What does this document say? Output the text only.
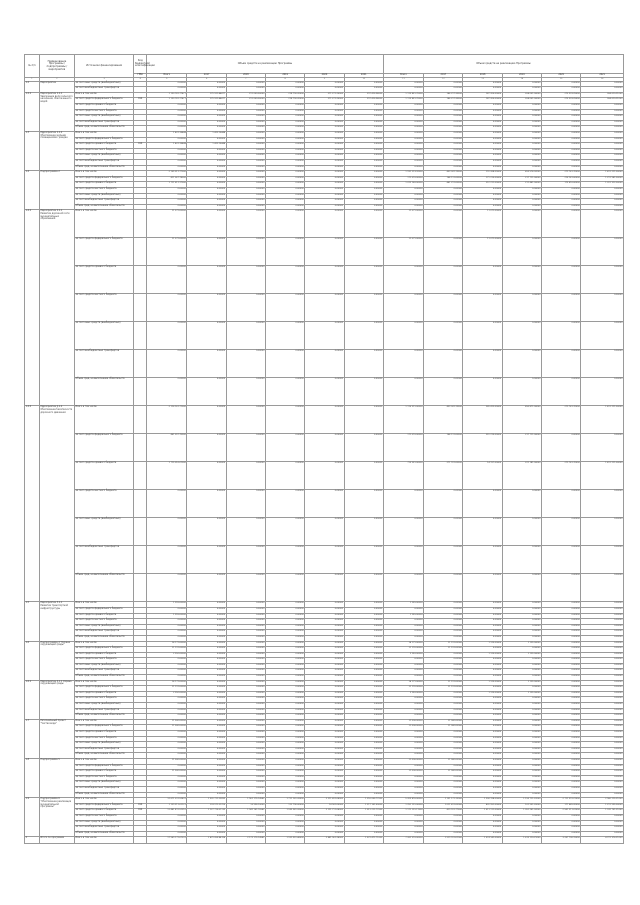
№ п/п	Наименование Программы / подпрограммы / мероприятия	Источники финансирования	Код бюджетной классификации	Объем средств на реализацию Программы						Объем средств на реализацию Программы					
			ГРБС	Всего	2017	2018	2019	2020	2021	Всего	2017	2018	2019	2020	2021
1	2	3	4	5	6	7	8	9	10	11	12	13	14	15	16
1.2	Мероприятие	за счет иных средств (внебюджетных)		0,00000	0,00000	0,00000	0,00000	0,00000	0,00000	0,00000	0,00000	0,00000	0,00000	0,00000	0,00000
		за счет межбюджетных трансфертов		0,00000	0,00000	0,00000	0,00000	0,00000	0,00000	0,00000	0,00000	0,00000	0,00000	0,00000	0,00000
1.2.1	Мероприятие 1.1.1 Увеличение доли сельского населения, обеспеченного водой	Всего в том числе:		1 190 781,77477	175 921,44477	211 000,00000	218 790,20000	271 271,20000	297 410,94000	1 113 851,70000	146 217,35000	187 200,00000	204 001,00000	275 933,25000	304 610,91000
		за счет средств федерального бюджета	914	1 190 781,77477	175 921,44477	211 000,00000	218 790,20000	271 271,20000	297 410,94000	1 113 851,70000	146 217,35000	187 200,00000	204 001,00000	275 933,25000	304 610,91000
		за счет средств краевого бюджета		0,00000	0,00000	0,00000	0,00000	0,00000	0,00000	0,00000	0,00000	0,00000	0,00000	0,00000	0,00000
		за счет средств местного бюджета		0,00000	0,00000	0,00000	0,00000	0,00000	0,00000	0,00000	0,00000	0,00000	0,00000	0,00000	0,00000
		за счет иных средств (внебюджетных)		0,00000	0,00000	0,00000	0,00000	0,00000	0,00000	0,00000	0,00000	0,00000	0,00000	0,00000	0,00000
		за счет межбюджетных трансфертов		0,00000	0,00000	0,00000	0,00000	0,00000	0,00000	0,00000	0,00000	0,00000	0,00000	0,00000	0,00000
		Объем сред. на выполнение обязательств		0,00000	0,00000	0,00000	0,00000	0,00000	0,00000	0,00000	0,00000	0,00000	0,00000	0,00000	0,00000
1.3	Мероприятие 1.1.2 Обеспечение жилыми помещениями граждан	Всего в том числе:		1 422,16448	1 422,16448	0,00000	0,00000	0,00000	0,00000	0,00000	0,00000	0,00000	0,00000	0,00000	0,00000
		за счет средств федерального бюджета		0,00000	0,00000	0,00000	0,00000	0,00000	0,00000	0,00000	0,00000	0,00000	0,00000	0,00000	0,00000
		за счет средств краевого бюджета	914	1 422,16448	1 422,16448	0,00000	0,00000	0,00000	0,00000	0,00000	0,00000	0,00000	0,00000	0,00000	0,00000
		за счет средств местного бюджета		0,00000	0,00000	0,00000	0,00000	0,00000	0,00000	0,00000	0,00000	0,00000	0,00000	0,00000	0,00000
		за счет иных средств (внебюджетных)		0,00000	0,00000	0,00000	0,00000	0,00000	0,00000	0,00000	0,00000	0,00000	0,00000	0,00000	0,00000
		за счет межбюджетных трансфертов		0,00000	0,00000	0,00000	0,00000	0,00000	0,00000	0,00000	0,00000	0,00000	0,00000	0,00000	0,00000
		Объем сред. на выполнение обязательств		0,00000	0,00000	0,00000	0,00000	0,00000	0,00000	0,00000	0,00000	0,00000	0,00000	0,00000	0,00000
1.4	Подпрограмма 2	Всего в том числе:		2 105 011,77000	0,00000	0,00000	0,00000	0,00000	0,00000	1 931 213,32000	453 022,13000	191 268,00000	453 574,02000	279 741,70000	1 411 211,00000
		за счет средств федерального бюджета		411 067,74000	0,00000	0,00000	0,00000	0,00000	0,00000	171 070,00000	164 111,00000	171 215,00000	217 711,00000	216 141,00000	1 211 941,00000
		за счет средств краевого бюджета		1 711 611,17000	0,00000	0,00000	0,00000	0,00000	0,00000	1 012 160,00000	441 211,00000	212 211,00000	211 441,00000	175 616,00000	1 011 312,00000
		за счет средств местного бюджета		0,00000	0,00000	0,00000	0,00000	0,00000	0,00000	0,00000	0,00000	0,00000	0,00000	0,00000	0,00000
		за счет иных средств (внебюджетных)		0,00000	0,00000	0,00000	0,00000	0,00000	0,00000	0,00000	0,00000	0,00000	0,00000	0,00000	0,00000
		за счет межбюджетных трансфертов		0,00000	0,00000	0,00000	0,00000	0,00000	0,00000	0,00000	0,00000	0,00000	0,00000	0,00000	0,00000
		Объем сред. на выполнение обязательств		0,00000	0,00000	0,00000	0,00000	0,00000	0,00000	0,00000	0,00000	0,00000	0,00000	0,00000	0,00000
1.4.1	Мероприятие 2.1.1 Развитие дорожной сети муниципальных образований	Всего в том числе:		11 071,00000	0,00000	0,00000	0,00000	0,00000	0,00000	11 071,00000	0,00000	11 071,00000	0,00000	0,00000	0,00000
		за счет средств федерального бюджета		11 071,00000	0,00000	0,00000	0,00000	0,00000	0,00000	11 071,00000	0,00000	11 071,00000	0,00000	0,00000	0,00000
		за счет средств краевого бюджета		0,00000	0,00000	0,00000	0,00000	0,00000	0,00000	0,00000	0,00000	0,00000	0,00000	0,00000	0,00000
		за счет средств местного бюджета		0,00000	0,00000	0,00000	0,00000	0,00000	0,00000	0,00000	0,00000	0,00000	0,00000	0,00000	0,00000
		за счет иных средств (внебюджетных)		0,00000	0,00000	0,00000	0,00000	0,00000	0,00000	0,00000	0,00000	0,00000	0,00000	0,00000	0,00000
		за счет межбюджетных трансфертов		0,00000	0,00000	0,00000	0,00000	0,00000	0,00000	0,00000	0,00000	0,00000	0,00000	0,00000	0,00000
		Объем сред. на выполнение обязательств		0,00000	0,00000	0,00000	0,00000	0,00000	0,00000	0,00000	0,00000	0,00000	0,00000	0,00000	0,00000
1.4.2	Мероприятие 2.1.2 Обеспечение безопасности дорожного движения	Всего в том числе:		2 116 161,71000	0,00000	0,00000	0,00000	0,00000	0,00000	1 110 911,00000	433 022,13000	265 412,00000	450 871,00000	279 741,70000	1 411 211,00000
		за счет средств федерального бюджета		461 097,70000	0,00000	0,00000	0,00000	0,00000	0,00000	171 070,00000	164 111,00000	251 215,00000	217 711,00000	0,00000	0,00000
		за счет средств краевого бюджета		1 715 016,01000	0,00000	0,00000	0,00000	0,00000	0,00000	715 951,00000	271 911,00000	14 197,00000	221 181,00000	279 741,70000	1 411 211,00000
		за счет средств местного бюджета		0,00000	0,00000	0,00000	0,00000	0,00000	0,00000	0,00000	0,00000	0,00000	0,00000	0,00000	0,00000
		за счет иных средств (внебюджетных)		0,00000	0,00000	0,00000	0,00000	0,00000	0,00000	0,00000	0,00000	0,00000	0,00000	0,00000	0,00000
		за счет межбюджетных трансфертов		0,00000	0,00000	0,00000	0,00000	0,00000	0,00000	0,00000	0,00000	0,00000	0,00000	0,00000	0,00000
		Объем сред. на выполнение обязательств		0,00000	0,00000	0,00000	0,00000	0,00000	0,00000	0,00000	0,00000	0,00000	0,00000	0,00000	0,00000
1.5	Мероприятие 3.1.1 Развитие транспортной инфраструктуры	Всего в том числе:		1 255,00000	0,00000	0,00000	0,00000	0,00000	0,00000	1 255,00000	0,00000	0,00000	0,00000	0,00000	0,00000
		за счет средств федерального бюджета		0,00000	0,00000	0,00000	0,00000	0,00000	0,00000	0,00000	0,00000	0,00000	0,00000	0,00000	0,00000
		за счет средств краевого бюджета		1 255,00000	0,00000	0,00000	0,00000	0,00000	0,00000	1 255,00000	0,00000	0,00000	0,00000	0,00000	0,00000
		за счет средств местного бюджета		0,00000	0,00000	0,00000	0,00000	0,00000	0,00000	0,00000	0,00000	0,00000	0,00000	0,00000	0,00000
		за счет иных средств (внебюджетных)		0,00000	0,00000	0,00000	0,00000	0,00000	0,00000	0,00000	0,00000	0,00000	0,00000	0,00000	0,00000
		за счет межбюджетных трансфертов		0,00000	0,00000	0,00000	0,00000	0,00000	0,00000	0,00000	0,00000	0,00000	0,00000	0,00000	0,00000
		Объем сред. на выполнение обязательств		0,00000	0,00000	0,00000	0,00000	0,00000	0,00000	0,00000	0,00000	0,00000	0,00000	0,00000	0,00000
1.6	Подпрограмма 4 "Охрана окружающей среды"	Всего в том числе:		14 171,00000	0,00000	0,00000	0,00000	0,00000	0,00000	14 171,00000	11 191,00000	1 125,00000	1 125,00000	0,00000	0,00000
		за счет средств федерального бюджета		11 191,00000	0,00000	0,00000	0,00000	0,00000	0,00000	11 191,00000	11 191,00000	0,00000	0,00000	0,00000	0,00000
		за счет средств краевого бюджета		2 250,00000	0,00000	0,00000	0,00000	0,00000	0,00000	2 250,00000	0,00000	1 125,00000	1 125,00000	0,00000	0,00000
		за счет средств местного бюджета		0,00000	0,00000	0,00000	0,00000	0,00000	0,00000	0,00000	0,00000	0,00000	0,00000	0,00000	0,00000
		за счет иных средств (внебюджетных)		0,00000	0,00000	0,00000	0,00000	0,00000	0,00000	0,00000	0,00000	0,00000	0,00000	0,00000	0,00000
		за счет межбюджетных трансфертов		0,00000	0,00000	0,00000	0,00000	0,00000	0,00000	0,00000	0,00000	0,00000	0,00000	0,00000	0,00000
		Объем сред. на выполнение обязательств		0,00000	0,00000	0,00000	0,00000	0,00000	0,00000	0,00000	0,00000	0,00000	0,00000	0,00000	0,00000
1.6.1	Мероприятие 4.1.1 Охрана окружающей среды	Всего в том числе:		14 171,00000	0,00000	0,00000	0,00000	0,00000	0,00000	14 171,00000	11 191,00000	1 125,00000	1 125,00000	0,00000	0,00000
		за счет средств федерального бюджета		11 191,00000	0,00000	0,00000	0,00000	0,00000	0,00000	11 191,00000	11 191,00000	0,00000	0,00000	0,00000	0,00000
		за счет средств краевого бюджета		2 250,00000	0,00000	0,00000	0,00000	0,00000	0,00000	2 250,00000	0,00000	1 125,00000	1 125,00000	0,00000	0,00000
		за счет средств местного бюджета		0,00000	0,00000	0,00000	0,00000	0,00000	0,00000	0,00000	0,00000	0,00000	0,00000	0,00000	0,00000
		за счет иных средств (внебюджетных)		0,00000	0,00000	0,00000	0,00000	0,00000	0,00000	0,00000	0,00000	0,00000	0,00000	0,00000	0,00000
		за счет межбюджетных трансфертов		0,00000	0,00000	0,00000	0,00000	0,00000	0,00000	0,00000	0,00000	0,00000	0,00000	0,00000	0,00000
		Объем сред. на выполнение обязательств		0,00000	0,00000	0,00000	0,00000	0,00000	0,00000	0,00000	0,00000	0,00000	0,00000	0,00000	0,00000
1.7	Региональный проект "Чистая вода"	Всего в том числе:		11 000,00000	0,00000	0,00000	0,00000	0,00000	0,00000	11 000,00000	11 000,00000	0,00000	0,00000	0,00000	0,00000
		за счет средств федерального бюджета		11 000,00000	0,00000	0,00000	0,00000	0,00000	0,00000	11 000,00000	11 000,00000	0,00000	0,00000	0,00000	0,00000
		за счет средств краевого бюджета		0,00000	0,00000	0,00000	0,00000	0,00000	0,00000	0,00000	0,00000	0,00000	0,00000	0,00000	0,00000
		за счет средств местного бюджета		0,00000	0,00000	0,00000	0,00000	0,00000	0,00000	0,00000	0,00000	0,00000	0,00000	0,00000	0,00000
		за счет иных средств (внебюджетных)		0,00000	0,00000	0,00000	0,00000	0,00000	0,00000	0,00000	0,00000	0,00000	0,00000	0,00000	0,00000
		за счет межбюджетных трансфертов		0,00000	0,00000	0,00000	0,00000	0,00000	0,00000	0,00000	0,00000	0,00000	0,00000	0,00000	0,00000
		Объем сред. на выполнение обязательств		0,00000	0,00000	0,00000	0,00000	0,00000	0,00000	0,00000	0,00000	0,00000	0,00000	0,00000	0,00000
1.8	Подпрограмма 5	Всего в том числе:		11 000,00000	0,00000	0,00000	0,00000	0,00000	0,00000	11 000,00000	11 000,00000	0,00000	0,00000	0,00000	0,00000
		за счет средств федерального бюджета		0,00000	0,00000	0,00000	0,00000	0,00000	0,00000	0,00000	0,00000	0,00000	0,00000	0,00000	0,00000
		за счет средств краевого бюджета		11 000,00000	0,00000	0,00000	0,00000	0,00000	0,00000	11 000,00000	11 000,00000	0,00000	0,00000	0,00000	0,00000
		за счет средств местного бюджета		0,00000	0,00000	0,00000	0,00000	0,00000	0,00000	0,00000	0,00000	0,00000	0,00000	0,00000	0,00000
		за счет иных средств (внебюджетных)		0,00000	0,00000	0,00000	0,00000	0,00000	0,00000	0,00000	0,00000	0,00000	0,00000	0,00000	0,00000
		за счет межбюджетных трансфертов		0,00000	0,00000	0,00000	0,00000	0,00000	0,00000	0,00000	0,00000	0,00000	0,00000	0,00000	0,00000
		Объем сред. на выполнение обязательств		0,00000	0,00000	0,00000	0,00000	0,00000	0,00000	0,00000	0,00000	0,00000	0,00000	0,00000	0,00000
1.9	Подпрограмма 6 "Обеспечение реализации муниципальной программы"	Всего в том числе:		12 671 011,52431	1 301 711,23839	1 961 175,14542	1 711 161,26000	2 211 691,04000	1 216 060,77000	5 209 876,00000	1 131 171,15000	1 200 198,00000	1 155 711,22000	2 711 991,21000	2 960 215,21000
		за счет средств федерального бюджета	914	1 129 211,01121	174 971,21700	10 996,10000	112 796,00000	14 961,00000	1 217 161,00000	1 251 191,00000	1 011 411,00000	401 951,00000	101 951,20000	177 645,20000	1 211 995,00000
		за счет средств краевого бюджета	914	11 441 811,51310	1 127 715,01139	1 941 161,76542	1 555 941,26000	2 191 711,04000	1 011 211,77000	1 171 191,17000	419 911,77000	1 011 111,00000	1 051 261,02000	2 561 211,01000	1 741 701,21000
		за счет средств местного бюджета		0,00000	0,00000	0,00000	0,00000	0,00000	0,00000	0,00000	0,00000	0,00000	0,00000	0,00000	0,00000
		за счет иных средств (внебюджетных)		0,00000	0,00000	0,00000	0,00000	0,00000	0,00000	0,00000	0,00000	0,00000	0,00000	0,00000	0,00000
		за счет межбюджетных трансфертов		0,00000	0,00000	0,00000	0,00000	0,00000	0,00000	0,00000	0,00000	0,00000	0,00000	0,00000	0,00000
		Объем сред. на выполнение обязательств		0,00000	0,00000	0,00000	0,00000	0,00000	0,00000	0,00000	0,00000	0,00000	0,00000	0,00000	0,00000
2	Итого по программе	Всего в том числе:		17 969 171,07331	1 479 055,84764	2 172 175,14542	1 929 951,46000	2 481 961,24000	1 521 471,71000	7 261 970,00000	1 919 911,61000	1 574 141,00000	1 613 110,21000	3 267 736,15000	4 721 376,21000
